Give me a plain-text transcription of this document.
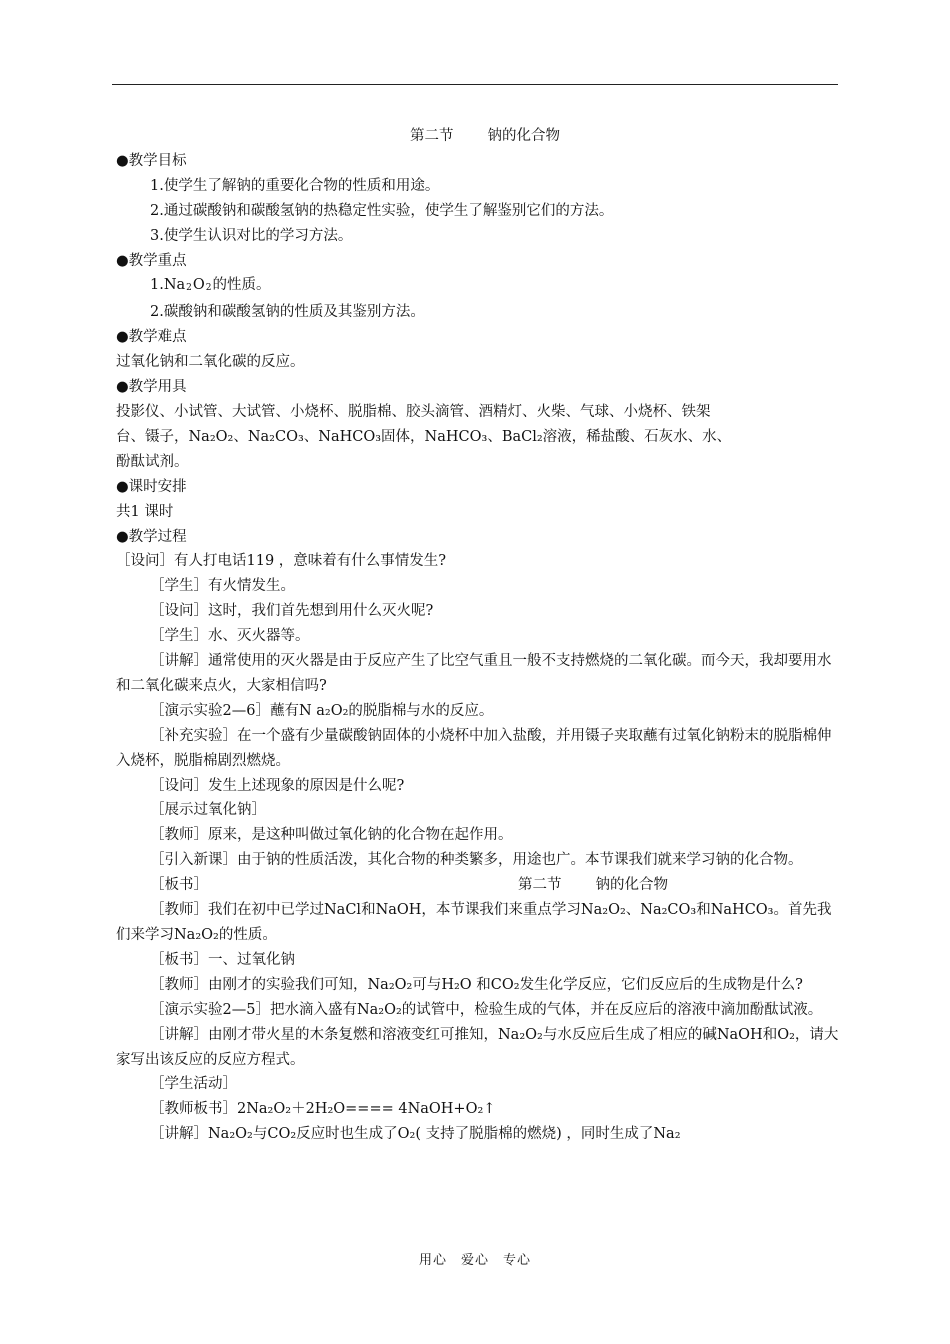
第二节 钠的化合物

●教学目标

1.使学生了解钠的重要化合物的性质和用途。

2.通过碳酸钠和碳酸氢钠的热稳定性实验，使学生了解鉴别它们的方法。

3.使学生认识对比的学习方法。

●教学重点

1.Na2O2的性质。

2.碳酸钠和碳酸氢钠的性质及其鉴别方法。

●教学难点

过氧化钠和二氧化碳的反应。

●教学用具

投影仪、小试管、大试管、小烧杯、脱脂棉、胶头滴管、酒精灯、火柴、气球、小烧杯、铁架

台、镊子，Na₂O₂、Na₂CO₃、NaHCO₃固体，NaHCO₃、BaCl₂溶液，稀盐酸、石灰水、水、

酚酞试剂。

●课时安排

共1 课时

●教学过程

［设问］有人打电话119 ，意味着有什么事情发生?

［学生］有火情发生。

［设问］这时，我们首先想到用什么灭火呢?

［学生］水、灭火器等。

［讲解］通常使用的灭火器是由于反应产生了比空气重且一般不支持燃烧的二氧化碳。而今天，我却要用水和二氧化碳来点火，大家相信吗?

［演示实验2—6］蘸有N a₂O₂的脱脂棉与水的反应。

［补充实验］在一个盛有少量碳酸钠固体的小烧杯中加入盐酸，并用镊子夹取蘸有过氧化钠粉末的脱脂棉伸入烧杯，脱脂棉剧烈燃烧。

［设问］发生上述现象的原因是什么呢?

［展示过氧化钠］

［教师］原来，是这种叫做过氧化钠的化合物在起作用。

［引入新课］由于钠的性质活泼，其化合物的种类繁多，用途也广。本节课我们就来学习钠的化合物。

［板书］	第二节 钠的化合物

［教师］我们在初中已学过NaCl和NaOH，本节课我们来重点学习Na₂O₂、Na₂CO₃和NaHCO₃。首先我们来学习Na₂O₂的性质。

［板书］一、过氧化钠

［教师］由刚才的实验我们可知，Na₂O₂可与H₂O 和CO₂发生化学反应，它们反应后的生成物是什么?

［演示实验2—5］把水滴入盛有Na₂O₂的试管中，检验生成的气体，并在反应后的溶液中滴加酚酞试液。

［讲解］由刚才带火星的木条复燃和溶液变红可推知，Na₂O₂与水反应后生成了相应的碱NaOH和O₂，请大家写出该反应的反应方程式。

［学生活动］

［教师板书］2Na₂O₂＋2H₂O==== 4NaOH+O₂↑

［讲解］Na₂O₂与CO₂反应时也生成了O₂( 支持了脱脂棉的燃烧) ，同时生成了Na₂

用心 爱心 专心
